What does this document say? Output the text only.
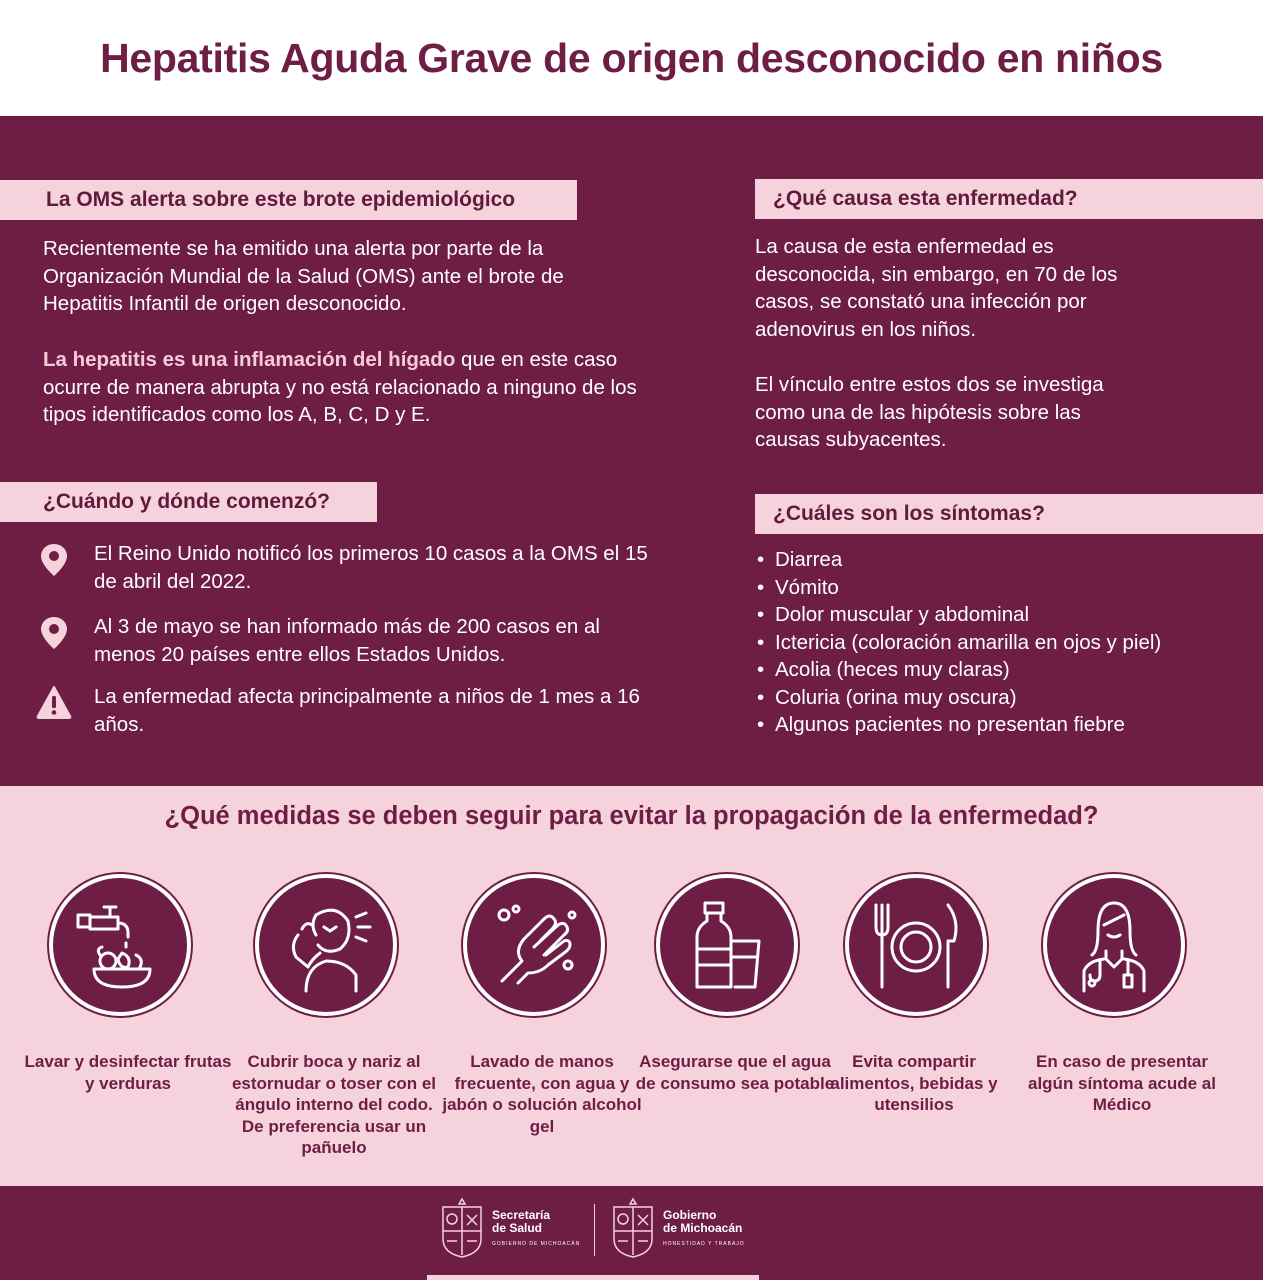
Hepatitis Aguda Grave de origen desconocido en niños
La OMS alerta sobre este brote epidemiológico
Recientemente se ha emitido una alerta por parte de la Organización Mundial de la Salud (OMS) ante el brote de Hepatitis Infantil de origen desconocido.
La hepatitis es una inflamación del hígado que en este caso ocurre de manera abrupta y no está relacionado a ninguno de los tipos identificados como los A, B, C, D y E.
¿Qué causa esta enfermedad?
La causa de esta enfermedad es desconocida, sin embargo, en 70 de los casos, se constató una infección por adenovirus en los niños.
El vínculo entre estos dos se investiga como una de las hipótesis sobre las causas subyacentes.
¿Cuándo y dónde comenzó?
El Reino Unido notificó los primeros 10 casos a la OMS el 15 de abril del 2022.
Al 3 de mayo se han informado más de 200 casos en al menos 20 países entre ellos Estados Unidos.
La enfermedad afecta principalmente a niños de 1 mes a 16 años.
¿Cuáles son los síntomas?
• Diarrea
• Vómito
• Dolor muscular y abdominal
• Ictericia (coloración amarilla en ojos y piel)
• Acolia (heces muy claras)
• Coluria (orina muy oscura)
• Algunos pacientes no presentan fiebre
¿Qué medidas se deben seguir para evitar la propagación de la enfermedad?
Lavar y desinfectar frutas y verduras
Cubrir boca y nariz al estornudar o toser con el ángulo interno del codo. De preferencia usar un pañuelo
Lavado de manos frecuente, con agua y jabón o solución alcohol gel
Asegurarse que el agua de consumo sea potable
Evita compartir alimentos, bebidas y utensilios
En caso de presentar algún síntoma acude al Médico
Secretaría
de Salud
GOBIERNO DE MICHOACÁN
Gobierno
de Michoacán
HONESTIDAD Y TRABAJO
